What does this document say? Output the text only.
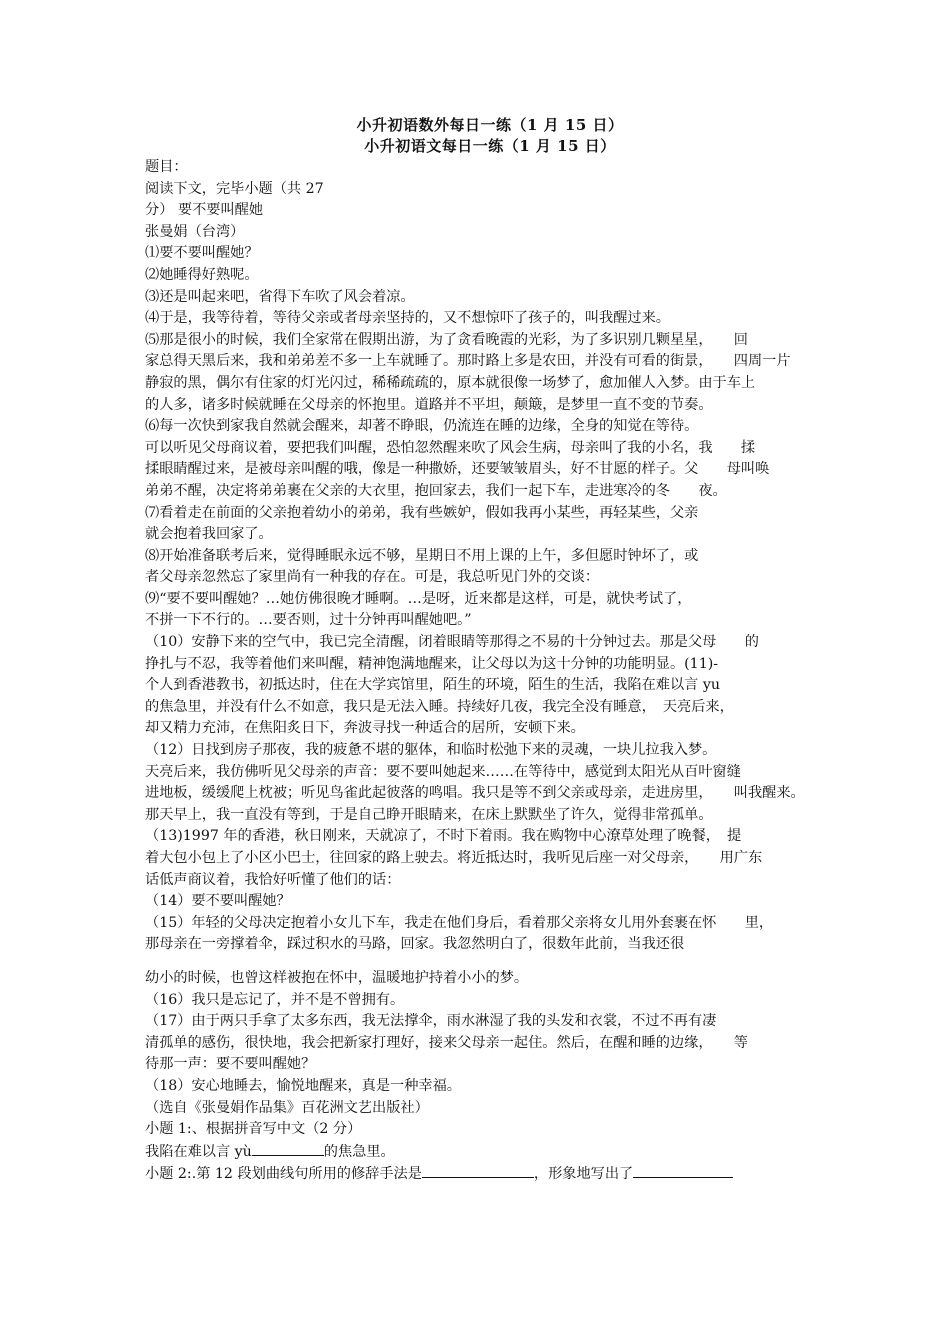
小升初语数外每日一练（1 月 15 日）
小升初语文每日一练（1 月 15 日）
题目：
阅读下文，完毕小题（共 27
分） 要不要叫醒她
张曼娟（台湾）
⑴要不要叫醒她？
⑵她睡得好熟呢。
⑶还是叫起来吧，省得下车吹了风会着凉。
⑷于是，我等待着，等待父亲或者母亲坚持的，又不想惊吓了孩子的，叫我醒过来。
⑸那是很小的时候，我们全家常在假期出游，为了贪看晚霞的光彩，为了多识别几颗星星，　　回
家总得天黑后来，我和弟弟差不多一上车就睡了。那时路上多是农田，并没有可看的街景，　　四周一片
静寂的黑，偶尔有住家的灯光闪过，稀稀疏疏的，原本就很像一场梦了，愈加催人入梦。由于车上
的人多，诸多时候就睡在父母亲的怀抱里。道路并不平坦，颠簸，是梦里一直不变的节奏。
⑹每一次快到家我自然就会醒来，却著不睁眼，仍流连在睡的边缘，全身的知觉在等待。
可以听见父母商议着，要把我们叫醒，恐怕忽然醒来吹了风会生病，母亲叫了我的小名，我　　揉
揉眼睛醒过来，是被母亲叫醒的哦，像是一种撒娇，还要皱皱眉头，好不甘愿的样子。父　　母叫唤
弟弟不醒，决定将弟弟裹在父亲的大衣里，抱回家去，我们一起下车，走进寒冷的冬　　夜。
⑺看着走在前面的父亲抱着幼小的弟弟，我有些嫉妒，假如我再小某些，再轻某些，父亲
就会抱着我回家了。
⑻开始准备联考后来，觉得睡眠永远不够，星期日不用上课的上午，多但愿时钟坏了，或
者父母亲忽然忘了家里尚有一种我的存在。可是，我总听见门外的交谈：
⑼“要不要叫醒她？…她仿佛很晚才睡啊。…是呀，近来都是这样，可是，就快考试了，
不拼一下不行的。…要否则，过十分钟再叫醒她吧。”
（10）安静下来的空气中，我已完全清醒，闭着眼睛等那得之不易的十分钟过去。那是父母　　的
挣扎与不忍，我等着他们来叫醒，精神饱满地醒来，让父母以为这十分钟的功能明显。(11)-
个人到香港教书，初抵达时，住在大学宾馆里，陌生的环境，陌生的生活，我陷在难以言 yu
的焦急里，并没有什么不如意，我只是无法入睡。持续好几夜，我完全没有睡意，　天亮后来，
却又精力充沛，在焦阳炙日下，奔波寻找一种适合的居所，安顿下来。
（12）日找到房子那夜，我的疲惫不堪的躯体，和临时松弛下来的灵魂，一块儿拉我入梦。
天亮后来，我仿佛听见父母亲的声音：要不要叫她起来……在等待中，感觉到太阳光从百叶窗缝
进地板，缓缓爬上枕被；听见鸟雀此起彼落的鸣唱。我只是等不到父亲或母亲，走进房里，　　叫我醒来。
那天早上，我一直没有等到，于是自己睁开眼睛来，在床上默默坐了许久，觉得非常孤单。
（13)1997 年的香港，秋日刚来，天就凉了，不时下着雨。我在购物中心潦草处理了晚餐，　提
着大包小包上了小区小巴士，往回家的路上驶去。将近抵达时，我听见后座一对父母亲，　　用广东
话低声商议着，我恰好听懂了他们的话：
（14）要不要叫醒她？
（15）年轻的父母决定抱着小女儿下车，我走在他们身后，看着那父亲将女儿用外套裹在怀　　里，
那母亲在一旁撑着伞，踩过积水的马路，回家。我忽然明白了，很数年此前，当我还很
幼小的时候，也曾这样被抱在怀中，温暖地护持着小小的梦。
（16）我只是忘记了，并不是不曾拥有。
（17）由于两只手拿了太多东西，我无法撑伞，雨水淋湿了我的头发和衣裳，不过不再有凄
清孤单的感伤，很快地，我会把新家打理好，接来父母亲一起住。然后，在醒和睡的边缘，　　等
待那一声：要不要叫醒她？
（18）安心地睡去，愉悦地醒来，真是一种幸福。
（选自《张曼娟作品集》百花洲文艺出版社）
小题 1:、根据拼音写中文（2 分）
我陷在难以言 yù	的焦急里。
小题 2:.第 12 段划曲线句所用的修辞手法是	，形象地写出了
